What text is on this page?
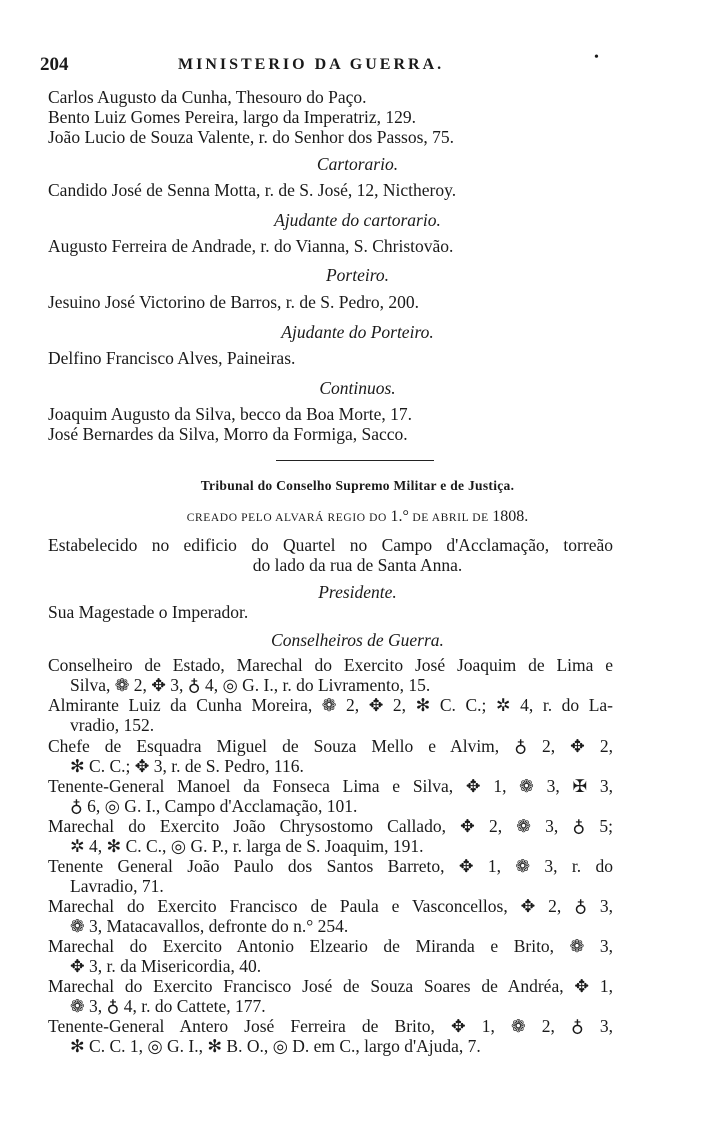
204	MINISTERIO DA GUERRA.	•
Carlos Augusto da Cunha, Thesouro do Paço.
Bento Luiz Gomes Pereira, largo da Imperatriz, 129.
João Lucio de Souza Valente, r. do Senhor dos Passos, 75.
Cartorario.
Candido José de Senna Motta, r. de S. José, 12, Nictheroy.
Ajudante do cartorario.
Augusto Ferreira de Andrade, r. do Vianna, S. Christovão.
Porteiro.
Jesuino José Victorino de Barros, r. de S. Pedro, 200.
Ajudante do Porteiro.
Delfino Francisco Alves, Paineiras.
Continuos.
Joaquim Augusto da Silva, becco da Boa Morte, 17.
José Bernardes da Silva, Morro da Formiga, Sacco.
Tribunal do Conselho Supremo Militar e de Justiça.
CREADO PELO ALVARÁ REGIO DO 1.° DE ABRIL DE 1808.
Estabelecido no edificio do Quartel no Campo d'Acclamação, torreão
do lado da rua de Santa Anna.
Presidente.
Sua Magestade o Imperador.
Conselheiros de Guerra.
Conselheiro de Estado, Marechal do Exercito José Joaquim de Lima e
Silva, ❁ 2, ✥ 3, ♁ 4, ◎ G. I., r. do Livramento, 15.
Almirante Luiz da Cunha Moreira, ❁ 2, ✥ 2, ✻ C. C.; ✲ 4, r. do La-
vradio, 152.
Chefe de Esquadra Miguel de Souza Mello e Alvim, ♁ 2, ✥ 2,
✻ C. C.; ✥ 3, r. de S. Pedro, 116.
Tenente-General Manoel da Fonseca Lima e Silva, ✥ 1, ❁ 3, ✠ 3,
♁ 6, ◎ G. I., Campo d'Acclamação, 101.
Marechal do Exercito João Chrysostomo Callado, ✥ 2, ❁ 3, ♁ 5;
✲ 4, ✻ C. C., ◎ G. P., r. larga de S. Joaquim, 191.
Tenente General João Paulo dos Santos Barreto, ✥ 1, ❁ 3, r. do
Lavradio, 71.
Marechal do Exercito Francisco de Paula e Vasconcellos, ✥ 2, ♁ 3,
❁ 3, Matacavallos, defronte do n.° 254.
Marechal do Exercito Antonio Elzeario de Miranda e Brito, ❁ 3,
✥ 3, r. da Misericordia, 40.
Marechal do Exercito Francisco José de Souza Soares de Andréa, ✥ 1,
❁ 3, ♁ 4, r. do Cattete, 177.
Tenente-General Antero José Ferreira de Brito, ✥ 1, ❁ 2, ♁ 3,
✻ C. C. 1, ◎ G. I., ✻ B. O., ◎ D. em C., largo d'Ajuda, 7.
